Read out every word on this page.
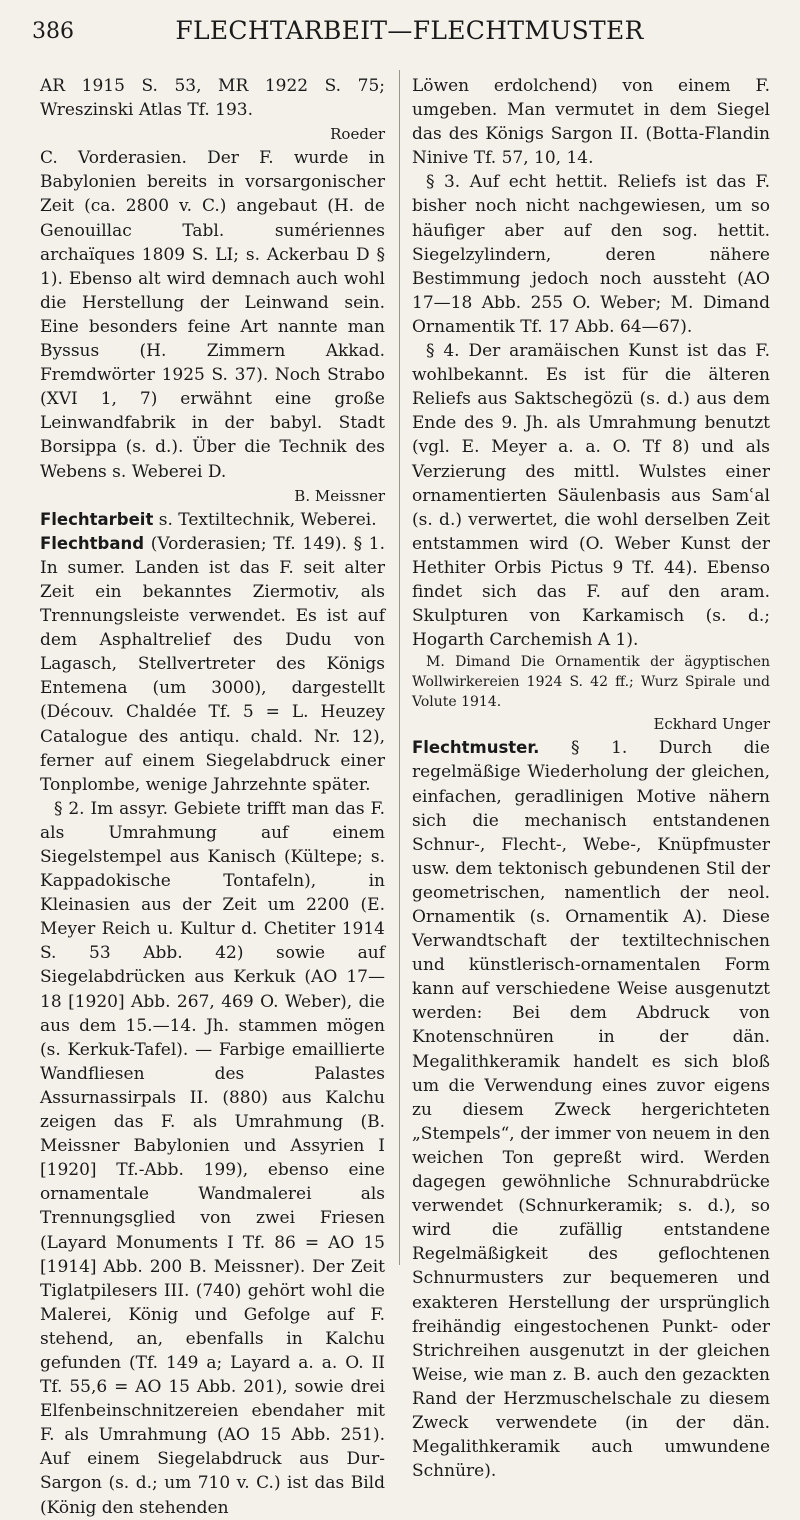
386	FLECHTARBEIT—FLECHTMUSTER

AR 1915 S. 53, MR 1922 S. 75; Wreszinski Atlas Tf. 193.

Roeder

C. Vorderasien. Der F. wurde in Babylonien bereits in vorsargonischer Zeit (ca. 2800 v. C.) angebaut (H. de Genouillac Tabl. sumériennes archaïques 1809 S. LI; s. Ackerbau D § 1). Ebenso alt wird demnach auch wohl die Herstellung der Leinwand sein. Eine besonders feine Art nannte man Byssus (H. Zimmern Akkad. Fremdwörter 1925 S. 37). Noch Strabo (XVI 1, 7) erwähnt eine große Leinwandfabrik in der babyl. Stadt Borsippa (s. d.). Über die Technik des Webens s. Weberei D.

B. Meissner

Flechtarbeit s. Textiltechnik, Weberei.

Flechtband (Vorderasien; Tf. 149). § 1. In sumer. Landen ist das F. seit alter Zeit ein bekanntes Ziermotiv, als Trennungsleiste verwendet. Es ist auf dem Asphaltrelief des Dudu von Lagasch, Stellvertreter des Königs Entemena (um 3000), dargestellt (Découv. Chaldée Tf. 5 = L. Heuzey Catalogue des antiqu. chald. Nr. 12), ferner auf einem Siegelabdruck einer Tonplombe, wenige Jahrzehnte später.

§ 2. Im assyr. Gebiete trifft man das F. als Umrahmung auf einem Siegelstempel aus Kanisch (Kültepe; s. Kappadokische Tontafeln), in Kleinasien aus der Zeit um 2200 (E. Meyer Reich u. Kultur d. Chetiter 1914 S. 53 Abb. 42) sowie auf Siegelabdrücken aus Kerkuk (AO 17—18 [1920] Abb. 267, 469 O. Weber), die aus dem 15.—14. Jh. stammen mögen (s. Kerkuk-Tafel). — Farbige emaillierte Wandfliesen des Palastes Assurnassirpals II. (880) aus Kalchu zeigen das F. als Umrahmung (B. Meissner Babylonien und Assyrien I [1920] Tf.-Abb. 199), ebenso eine ornamentale Wandmalerei als Trennungsglied von zwei Friesen (Layard Monuments I Tf. 86 = AO 15 [1914] Abb. 200 B. Meissner). Der Zeit Tiglatpilesers III. (740) gehört wohl die Malerei, König und Gefolge auf F. stehend, an, ebenfalls in Kalchu gefunden (Tf. 149 a; Layard a. a. O. II Tf. 55,6 = AO 15 Abb. 201), sowie drei Elfenbeinschnitzereien ebendaher mit F. als Umrahmung (AO 15 Abb. 251). Auf einem Siegelabdruck aus Dur-Sargon (s. d.; um 710 v. C.) ist das Bild (König den stehenden

Löwen erdolchend) von einem F. umgeben. Man vermutet in dem Siegel das des Königs Sargon II. (Botta-Flandin Ninive Tf. 57, 10, 14.

§ 3. Auf echt hettit. Reliefs ist das F. bisher noch nicht nachgewiesen, um so häufiger aber auf den sog. hettit. Siegelzylindern, deren nähere Bestimmung jedoch noch aussteht (AO 17—18 Abb. 255 O. Weber; M. Dimand Ornamentik Tf. 17 Abb. 64—67).

§ 4. Der aramäischen Kunst ist das F. wohlbekannt. Es ist für die älteren Reliefs aus Saktschegözü (s. d.) aus dem Ende des 9. Jh. als Umrahmung benutzt (vgl. E. Meyer a. a. O. Tf 8) und als Verzierung des mittl. Wulstes einer ornamentierten Säulenbasis aus Samʿal (s. d.) verwertet, die wohl derselben Zeit entstammen wird (O. Weber Kunst der Hethiter Orbis Pictus 9 Tf. 44). Ebenso findet sich das F. auf den aram. Skulpturen von Karkamisch (s. d.; Hogarth Carchemish A 1).

M. Dimand Die Ornamentik der ägyptischen Wollwirkereien 1924 S. 42 ff.; Wurz Spirale und Volute 1914.

Eckhard Unger

Flechtmuster. § 1. Durch die regelmäßige Wiederholung der gleichen, einfachen, geradlinigen Motive nähern sich die mechanisch entstandenen Schnur-, Flecht-, Webe-, Knüpfmuster usw. dem tektonisch gebundenen Stil der geometrischen, namentlich der neol. Ornamentik (s. Ornamentik A). Diese Verwandtschaft der textiltechnischen und künstlerisch-ornamentalen Form kann auf verschiedene Weise ausgenutzt werden: Bei dem Abdruck von Knotenschnüren in der dän. Megalithkeramik handelt es sich bloß um die Verwendung eines zuvor eigens zu diesem Zweck hergerichteten „Stempels“, der immer von neuem in den weichen Ton gepreßt wird. Werden dagegen gewöhnliche Schnurabdrücke verwendet (Schnurkeramik; s. d.), so wird die zufällig entstandene Regelmäßigkeit des geflochtenen Schnurmusters zur bequemeren und exakteren Herstellung der ursprünglich freihändig eingestochenen Punkt- oder Strichreihen ausgenutzt in der gleichen Weise, wie man z. B. auch den gezackten Rand der Herzmuschelschale zu diesem Zweck verwendete (in der dän. Megalithkeramik auch umwundene Schnüre).
